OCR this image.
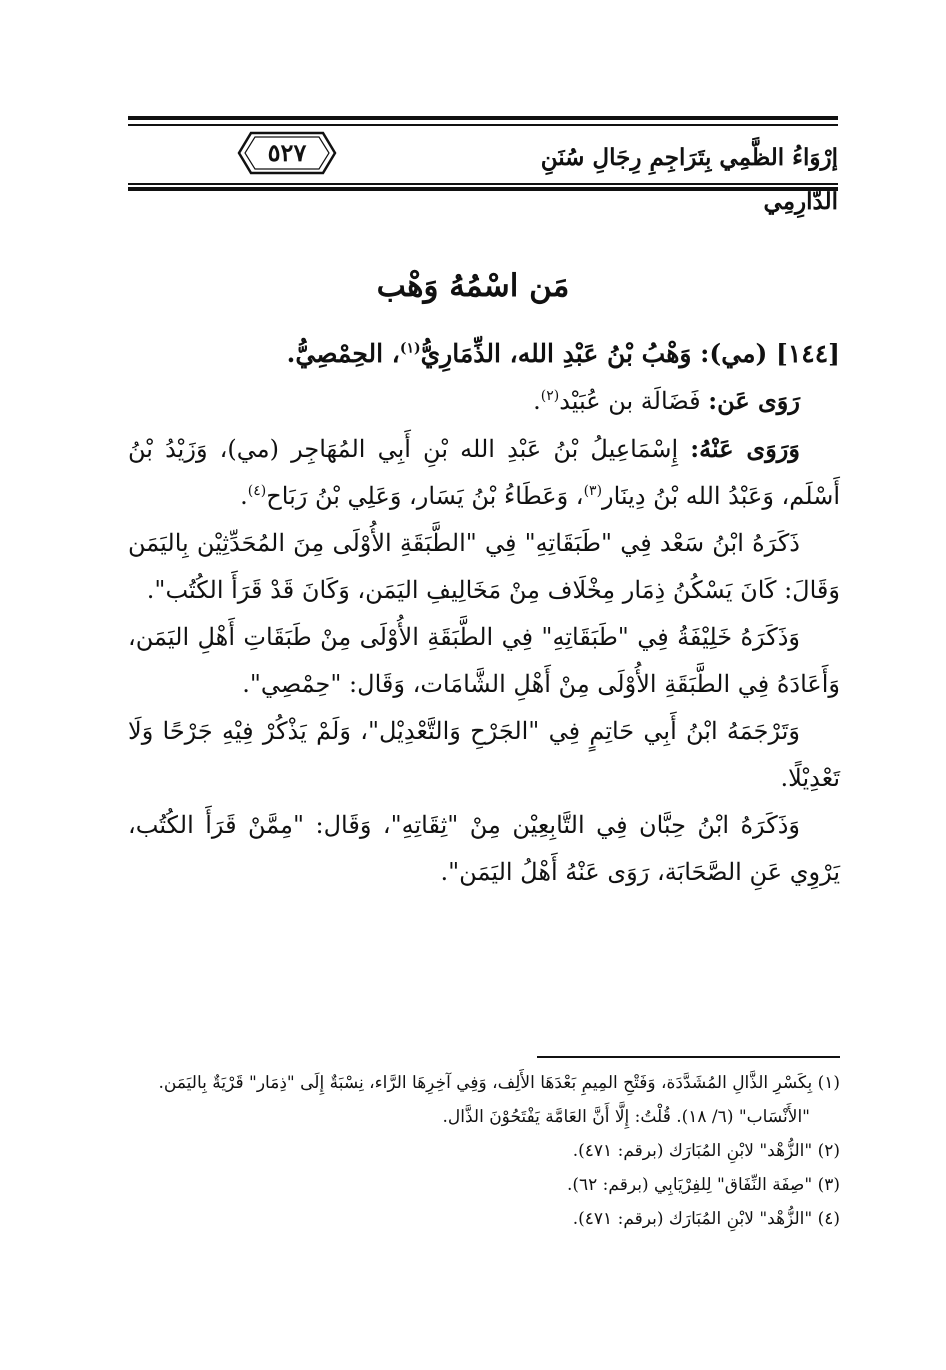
٥٢٧	إرْوَاءُ الظَّمِي بِتَرَاجِمِ رِجَالِ سُنَنِ الدَّارِمِي
مَن اسْمُهُ وَهْب

[١٤٤] (مي): وَهْبُ بْنُ عَبْدِ الله، الذِّمَارِيُّ$^{(١)}$، الحِمْصِيُّ.

رَوَى عَن: فَضَالَة بن عُبَيْد$^{(٢)}$.

وَرَوَى عَنْهُ: إِسْمَاعِيلُ بْنُ عَبْدِ الله بْنِ أَبِي المُهَاجِر (مي)، وَزَيْدُ بْنُ أَسْلَم، وَعَبْدُ الله بْنُ دِينَار$^{(٣)}$، وَعَطَاءُ بْنُ يَسَار، وَعَلِي بْنُ رَبَاح$^{(٤)}$.

ذَكَرَهُ ابْنُ سَعْد فِي "طَبَقَاتِهِ" فِي "الطَّبَقَةِ الأُوْلَى مِنَ المُحَدِّثِيْن بِاليَمَن وَقَالَ: كَانَ يَسْكُنُ ذِمَار مِخْلَاف مِنْ مَخَالِيفِ اليَمَن، وَكَانَ قَدْ قَرَأَ الكُتُب".

وَذَكَرَهُ خَلِيْفَةُ فِي "طَبَقَاتِهِ" فِي الطَّبَقَةِ الأُوْلَى مِنْ طَبَقَاتِ أَهْلِ اليَمَن، وَأَعَادَهُ فِي الطَّبَقَةِ الأُوْلَى مِنْ أَهْلِ الشَّامَات، وَقَال: "حِمْصِي".

وَتَرْجَمَهُ ابْنُ أَبِي حَاتِمٍ فِي "الجَرْحِ وَالتَّعْدِيْل"، وَلَمْ يَذْكُرْ فِيْهِ جَرْحًا وَلَا تَعْدِيْلًا.

وَذَكَرَهُ ابْنُ حِبَّان فِي التَّابِعِيْن مِنْ "ثِقَاتِهِ"، وَقَال: "مِمَّنْ قَرَأَ الكُتُب، يَرْوِي عَنِ الصَّحَابَة، رَوَى عَنْهُ أَهْلُ اليَمَن".

(١) بِكَسْرِ الذَّالِ المُشَدَّدَة، وَفَتْحِ المِيمِ بَعْدَهَا الأَلِف، وَفِي آخِرِهَا الرَّاء، نِسْبَةٌ إِلَى "ذِمَار" قَرْيَةٌ بِاليَمَن.

"الأَنْسَاب" (٦/ ١٨). قُلْتُ: إِلَّا أَنَّ العَامَّة يَفْتَحُوْنَ الذَّال.

(٢) "الزُّهْد" لابْنِ المُبَارَك (برقم: ٤٧١).

(٣) "صِفَة النِّفَاق" لِلفِرْيَابِي (برقم: ٦٢).

(٤) "الزُّهْد" لابْنِ المُبَارَك (برقم: ٤٧١).
